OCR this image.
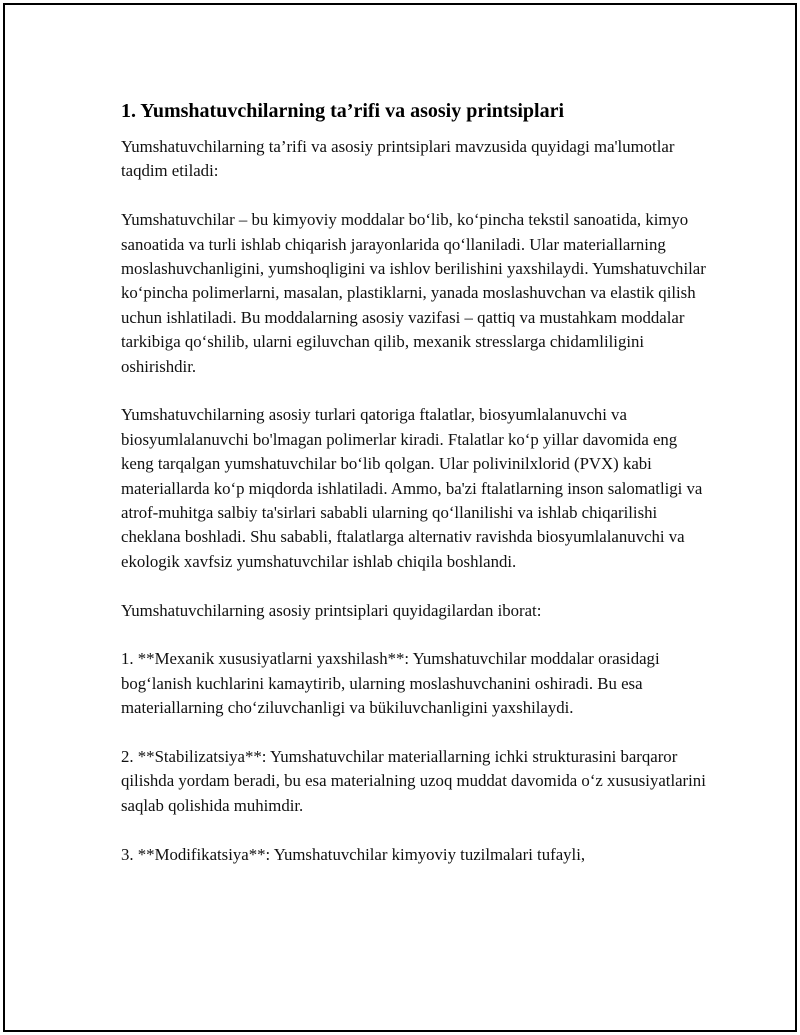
1. Yumshatuvchilarning ta’rifi va asosiy printsiplari

Yumshatuvchilarning ta’rifi va asosiy printsiplari mavzusida quyidagi ma'lumotlar taqdim etiladi:

Yumshatuvchilar – bu kimyoviy moddalar bo‘lib, ko‘pincha tekstil sanoatida, kimyo sanoatida va turli ishlab chiqarish jarayonlarida qo‘llaniladi. Ular materiallarning moslashuvchanligini, yumshoqligini va ishlov berilishini yaxshilaydi. Yumshatuvchilar ko‘pincha polimerlarni, masalan, plastiklarni, yanada moslashuvchan va elastik qilish uchun ishlatiladi. Bu moddalarning asosiy vazifasi – qattiq va mustahkam moddalar tarkibiga qo‘shilib, ularni egiluvchan qilib, mexanik stresslarga chidamliligini oshirishdir.

Yumshatuvchilarning asosiy turlari qatoriga ftalatlar, biosyumlalanuvchi va biosyumlalanuvchi bo'lmagan polimerlar kiradi. Ftalatlar ko‘p yillar davomida eng keng tarqalgan yumshatuvchilar bo‘lib qolgan. Ular polivinilxlorid (PVX) kabi materiallarda ko‘p miqdorda ishlatiladi. Ammo, ba'zi ftalatlarning inson salomatligi va atrof-muhitga salbiy ta'sirlari sababli ularning qo‘llanilishi va ishlab chiqarilishi cheklana boshladi. Shu sababli, ftalatlarga alternativ ravishda biosyumlalanuvchi va ekologik xavfsiz yumshatuvchilar ishlab chiqila boshlandi.

Yumshatuvchilarning asosiy printsiplari quyidagilardan iborat:

1. **Mexanik xususiyatlarni yaxshilash**: Yumshatuvchilar moddalar orasidagi bog‘lanish kuchlarini kamaytirib, ularning moslashuvchanini oshiradi. Bu esa materiallarning cho‘ziluvchanligi va bükiluvchanligini yaxshilaydi.

2. **Stabilizatsiya**: Yumshatuvchilar materiallarning ichki strukturasini barqaror qilishda yordam beradi, bu esa materialning uzoq muddat davomida o‘z xususiyatlarini saqlab qolishida muhimdir.

3. **Modifikatsiya**: Yumshatuvchilar kimyoviy tuzilmalari tufayli,
